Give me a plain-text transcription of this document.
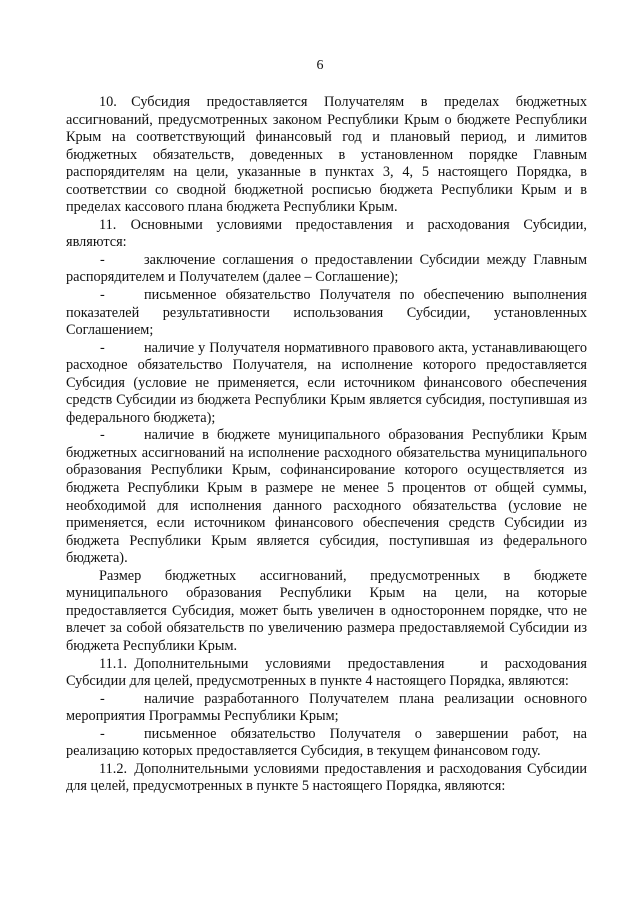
6

10. Субсидия предоставляется Получателям в пределах бюджетных ассигнований, предусмотренных законом Республики Крым о бюджете Республики Крым на соответствующий финансовый год и плановый период, и лимитов бюджетных обязательств, доведенных в установленном порядке Главным распорядителям на цели, указанные в пунктах 3, 4, 5 настоящего Порядка, в соответствии со сводной бюджетной росписью бюджета Республики Крым и в пределах кассового плана бюджета Республики Крым.

11. Основными условиями предоставления и расходования Субсидии, являются:

-	заключение соглашения о предоставлении Субсидии между Главным распорядителем и Получателем (далее – Соглашение);

-	письменное обязательство Получателя по обеспечению выполнения показателей результативности использования Субсидии, установленных Соглашением;

-	наличие у Получателя нормативного правового акта, устанавливающего расходное обязательство Получателя, на исполнение которого предоставляется Субсидия (условие не применяется, если источником финансового обеспечения средств Субсидии из бюджета Республики Крым является субсидия, поступившая из федерального бюджета);

-	наличие в бюджете муниципального образования Республики Крым бюджетных ассигнований на исполнение расходного обязательства муниципального образования Республики Крым, софинансирование которого осуществляется из бюджета Республики Крым в размере не менее 5 процентов от общей суммы, необходимой для исполнения данного расходного обязательства (условие не применяется, если источником финансового обеспечения средств Субсидии из бюджета Республики Крым является субсидия, поступившая из федерального бюджета).

Размер бюджетных ассигнований, предусмотренных в бюджете муниципального образования Республики Крым на цели, на которые предоставляется Субсидия, может быть увеличен в одностороннем порядке, что не влечет за собой обязательств по увеличению размера предоставляемой Субсидии из бюджета Республики Крым.

11.1. Дополнительными условиями предоставления   и расходования Субсидии для целей, предусмотренных в пункте 4 настоящего Порядка, являются:

-	наличие разработанного Получателем плана реализации основного мероприятия Программы Республики Крым;

-	письменное обязательство Получателя о завершении работ, на реализацию которых предоставляется Субсидия, в текущем финансовом году.

11.2. Дополнительными условиями предоставления и расходования Субсидии для целей, предусмотренных в пункте 5 настоящего Порядка, являются:
